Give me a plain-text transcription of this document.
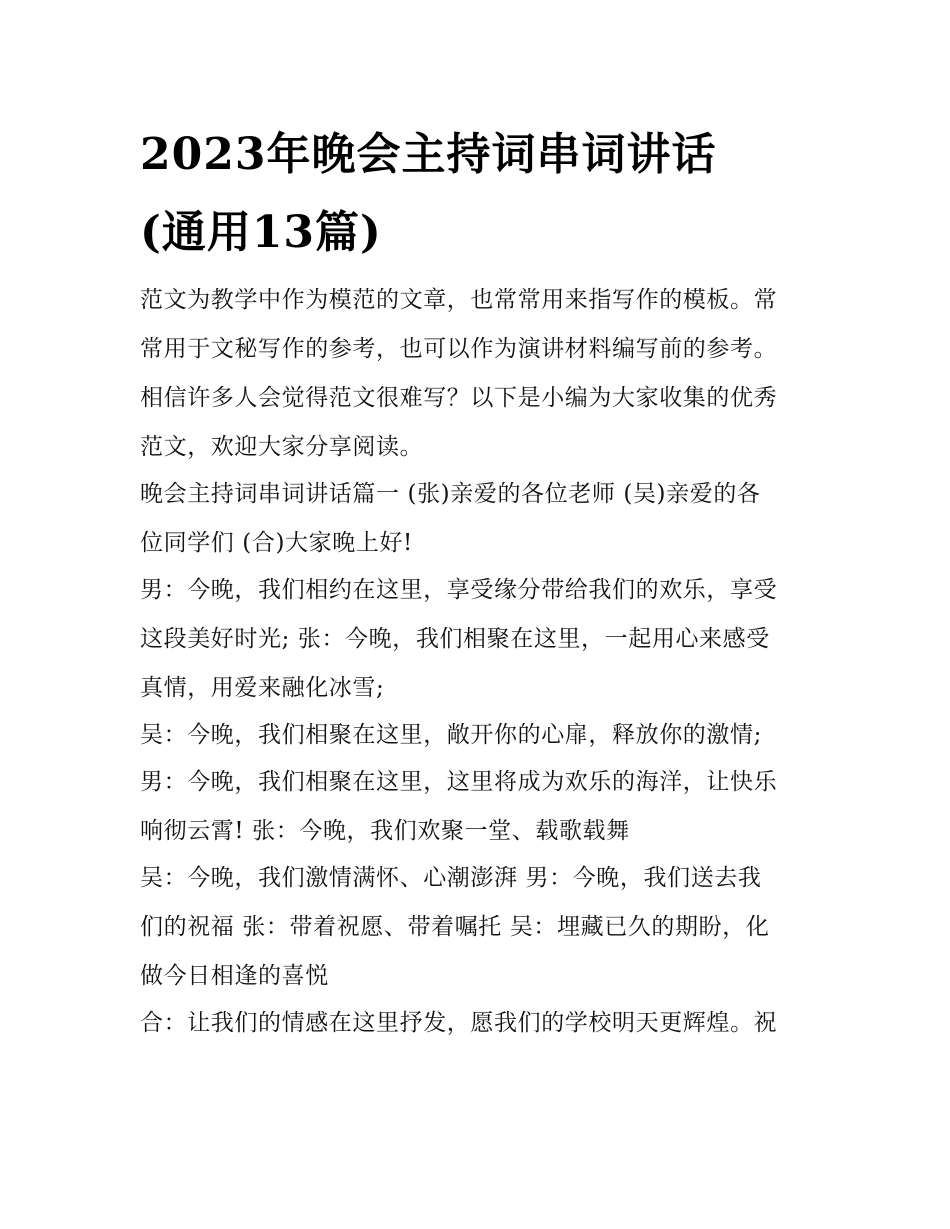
2023年晚会主持词串词讲话
(通用13篇)

范文为教学中作为模范的文章，也常常用来指写作的模板。常
常用于文秘写作的参考，也可以作为演讲材料编写前的参考。
相信许多人会觉得范文很难写？以下是小编为大家收集的优秀
范文，欢迎大家分享阅读。

晚会主持词串词讲话篇一 (张)亲爱的各位老师 (吴)亲爱的各
位同学们 (合)大家晚上好!

男：今晚，我们相约在这里，享受缘分带给我们的欢乐，享受
这段美好时光; 张：今晚，我们相聚在这里，一起用心来感受
真情，用爱来融化冰雪;

吴：今晚，我们相聚在这里，敞开你的心扉，释放你的激情;

男：今晚，我们相聚在这里，这里将成为欢乐的海洋，让快乐
响彻云霄! 张：今晚，我们欢聚一堂、载歌载舞

吴：今晚，我们激情满怀、心潮澎湃 男：今晚，我们送去我
们的祝福 张：带着祝愿、带着嘱托 吴：埋藏已久的期盼，化
做今日相逢的喜悦

合：让我们的情感在这里抒发，愿我们的学校明天更辉煌。祝
